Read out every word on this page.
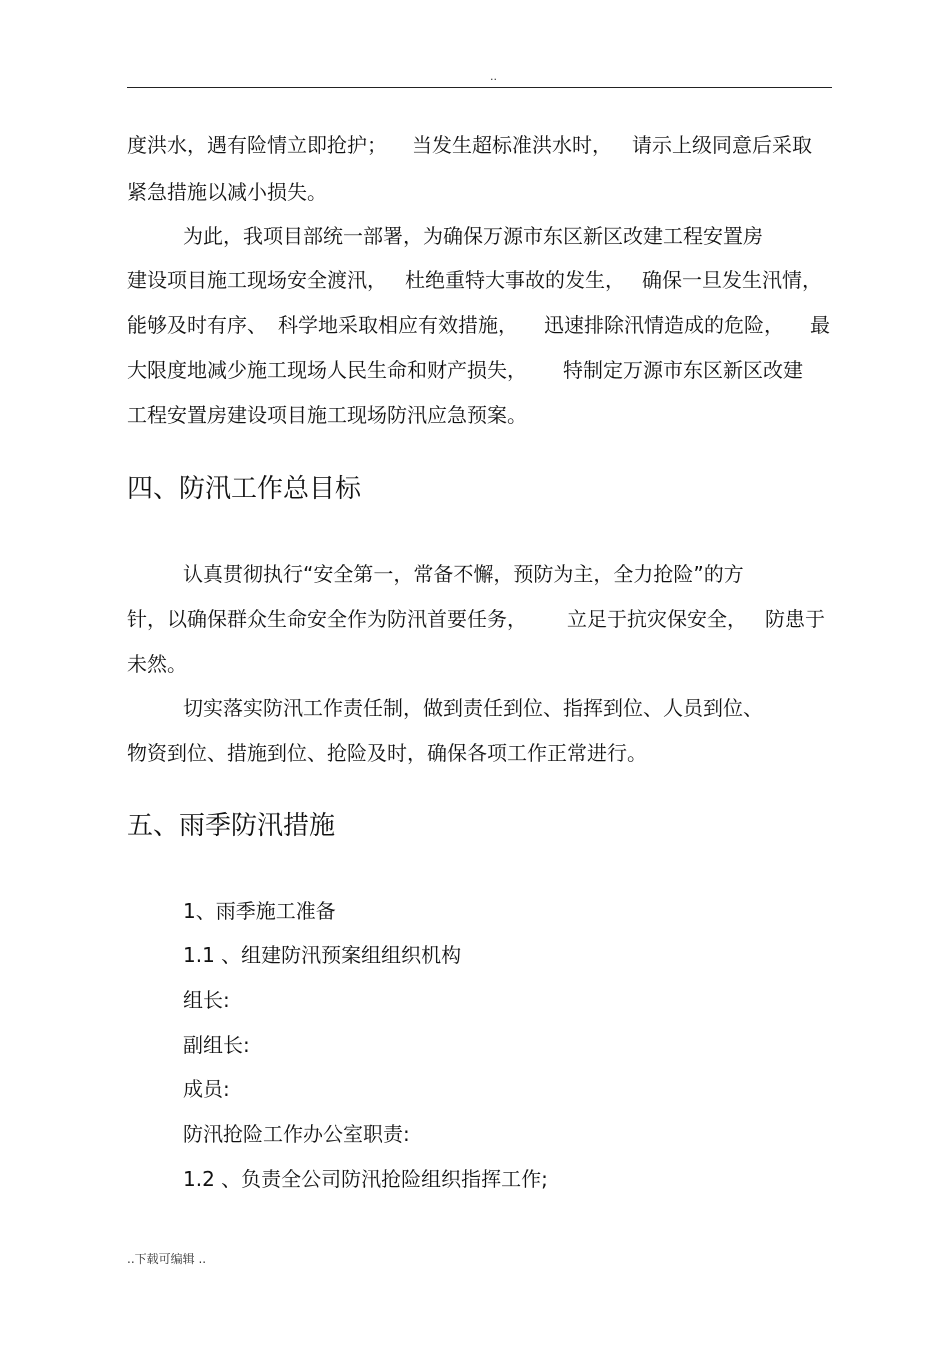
..
度洪水，遇有险情立即抢护； 当发生超标准洪水时， 请示上级同意后采取
紧急措施以减小损失。
为此，我项目部统一部署，为确保万源市东区新区改建工程安置房
建设项目施工现场安全渡汛， 杜绝重特大事故的发生， 确保一旦发生汛情，
能够及时有序、 科学地采取相应有效措施， 迅速排除汛情造成的危险， 最
大限度地减少施工现场人民生命和财产损失， 特制定万源市东区新区改建
工程安置房建设项目施工现场防汛应急预案。
四、防汛工作总目标
认真贯彻执行“安全第一，常备不懈，预防为主，全力抢险”的方
针，以确保群众生命安全作为防汛首要任务， 立足于抗灾保安全， 防患于
未然。
切实落实防汛工作责任制，做到责任到位、指挥到位、人员到位、
物资到位、措施到位、抢险及时，确保各项工作正常进行。
五、雨季防汛措施
1、雨季施工准备
1.1 、组建防汛预案组组织机构
组长:
副组长:
成员:
防汛抢险工作办公室职责:
1.2 、负责全公司防汛抢险组织指挥工作;
..下载可编辑 ..
